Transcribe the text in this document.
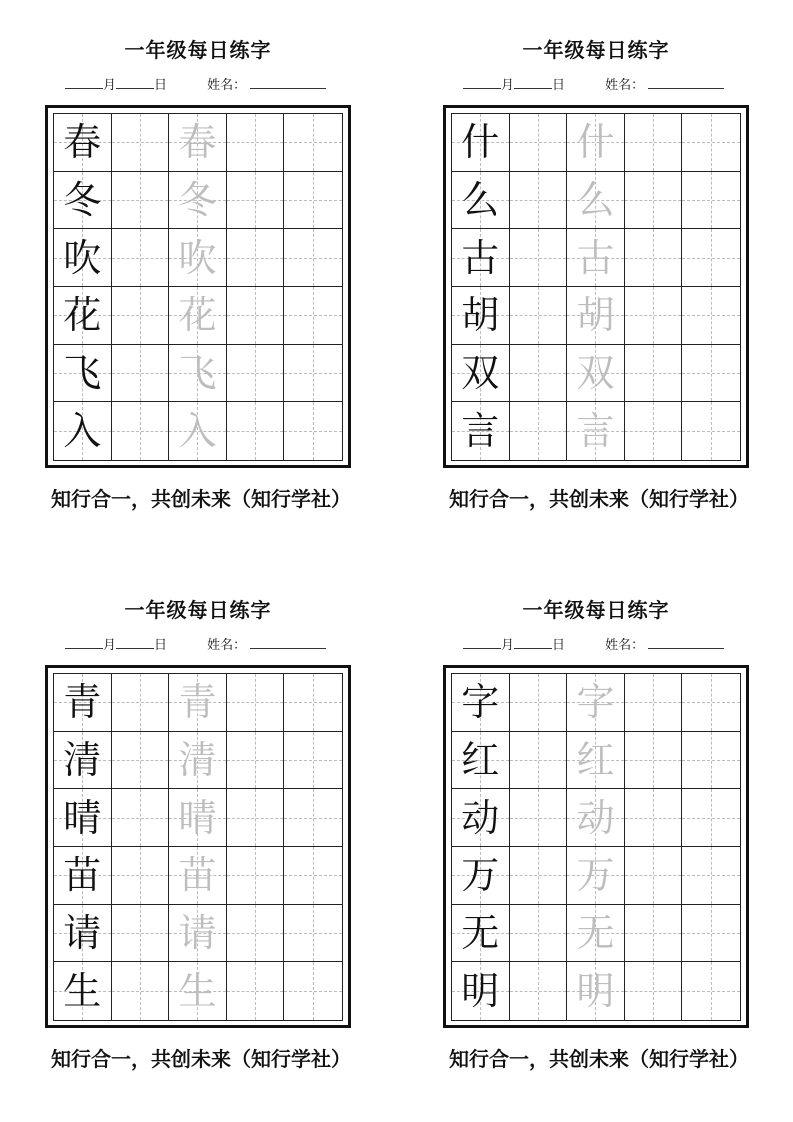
一年级每日练字
月	日	姓名：
春 春
冬 冬
吹 吹
花 花
飞 飞
入 入
知行合一，共创未来（知行学社）
一年级每日练字
月	日	姓名：
什 什
么 么
古 古
胡 胡
双 双
言 言
知行合一，共创未来（知行学社）
一年级每日练字
月	日	姓名：
青 青
清 清
晴 晴
苗 苗
请 请
生 生
知行合一，共创未来（知行学社）
一年级每日练字
月	日	姓名：
字 字
红 红
动 动
万 万
无 无
明 明
知行合一，共创未来（知行学社）
